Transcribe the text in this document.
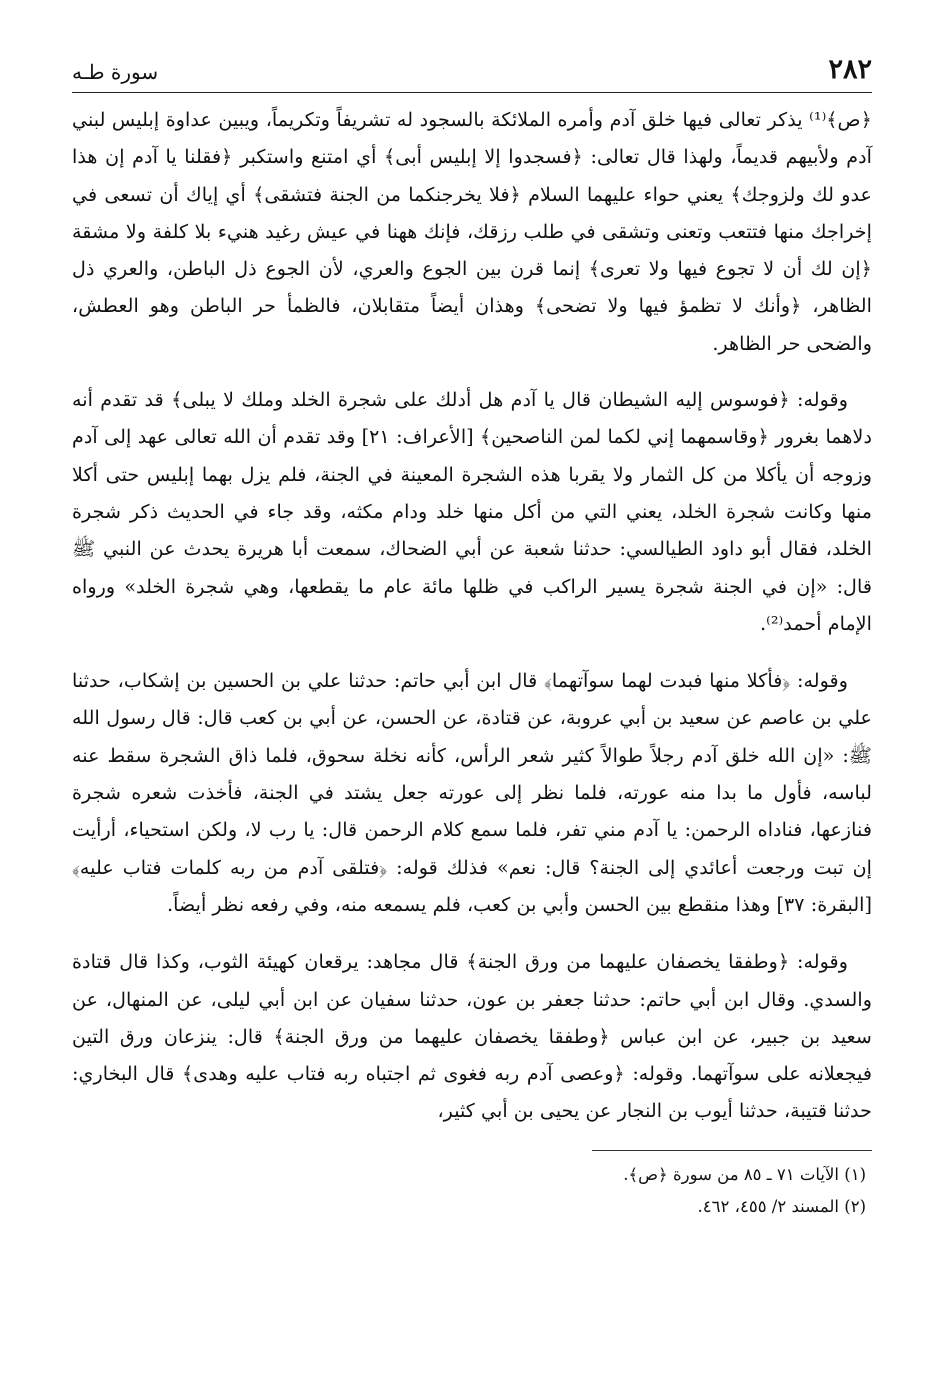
٢٨٢
سورة طـه

﴿ص﴾⁽¹⁾ يذكر تعالى فيها خلق آدم وأمره الملائكة بالسجود له تشريفاً وتكريماً، ويبين عداوة إبليس لبني آدم ولأبيهم قديماً، ولهذا قال تعالى: ﴿فسجدوا إلا إبليس أبى﴾ أي امتنع واستكبر ﴿فقلنا يا آدم إن هذا عدو لك ولزوجك﴾ يعني حواء عليهما السلام ﴿فلا يخرجنكما من الجنة فتشقى﴾ أي إياك أن تسعى في إخراجك منها فتتعب وتعنى وتشقى في طلب رزقك، فإنك ههنا في عيش رغيد هنيء بلا كلفة ولا مشقة ﴿إن لك أن لا تجوع فيها ولا تعرى﴾ إنما قرن بين الجوع والعري، لأن الجوع ذل الباطن، والعري ذل الظاهر، ﴿وأنك لا تظمؤ فيها ولا تضحى﴾ وهذان أيضاً متقابلان، فالظمأ حر الباطن وهو العطش، والضحى حر الظاهر.

وقوله: ﴿فوسوس إليه الشيطان قال يا آدم هل أدلك على شجرة الخلد وملك لا يبلى﴾ قد تقدم أنه دلاهما بغرور ﴿وقاسمهما إني لكما لمن الناصحين﴾ [الأعراف: ٢١] وقد تقدم أن الله تعالى عهد إلى آدم وزوجه أن يأكلا من كل الثمار ولا يقربا هذه الشجرة المعينة في الجنة، فلم يزل بهما إبليس حتى أكلا منها وكانت شجرة الخلد، يعني التي من أكل منها خلد ودام مكثه، وقد جاء في الحديث ذكر شجرة الخلد، فقال أبو داود الطيالسي: حدثنا شعبة عن أبي الضحاك، سمعت أبا هريرة يحدث عن النبي ﷺ قال: «إن في الجنة شجرة يسير الراكب في ظلها مائة عام ما يقطعها، وهي شجرة الخلد» ورواه الإمام أحمد⁽²⁾.

وقوله: ﴿فأكلا منها فبدت لهما سوآتهما﴾ قال ابن أبي حاتم: حدثنا علي بن الحسين بن إشكاب، حدثنا علي بن عاصم عن سعيد بن أبي عروبة، عن قتادة، عن الحسن، عن أبي بن كعب قال: قال رسول الله ﷺ: «إن الله خلق آدم رجلاً طوالاً كثير شعر الرأس، كأنه نخلة سحوق، فلما ذاق الشجرة سقط عنه لباسه، فأول ما بدا منه عورته، فلما نظر إلى عورته جعل يشتد في الجنة، فأخذت شعره شجرة فنازعها، فناداه الرحمن: يا آدم مني تفر، فلما سمع كلام الرحمن قال: يا رب لا، ولكن استحياء، أرأيت إن تبت ورجعت أعائدي إلى الجنة؟ قال: نعم» فذلك قوله: ﴿فتلقى آدم من ربه كلمات فتاب عليه﴾ [البقرة: ٣٧] وهذا منقطع بين الحسن وأبي بن كعب، فلم يسمعه منه، وفي رفعه نظر أيضاً.

وقوله: ﴿وطفقا يخصفان عليهما من ورق الجنة﴾ قال مجاهد: يرقعان كهيئة الثوب، وكذا قال قتادة والسدي. وقال ابن أبي حاتم: حدثنا جعفر بن عون، حدثنا سفيان عن ابن أبي ليلى، عن المنهال، عن سعيد بن جبير، عن ابن عباس ﴿وطفقا يخصفان عليهما من ورق الجنة﴾ قال: ينزعان ورق التين فيجعلانه على سوآتهما. وقوله: ﴿وعصى آدم ربه فغوى ثم اجتباه ربه فتاب عليه وهدى﴾ قال البخاري: حدثنا قتيبة، حدثنا أيوب بن النجار عن يحيى بن أبي كثير،

(١) الآيات ٧١ ـ ٨٥ من سورة ﴿ص﴾.

(٢) المسند ٢/ ٤٥٥، ٤٦٢.
